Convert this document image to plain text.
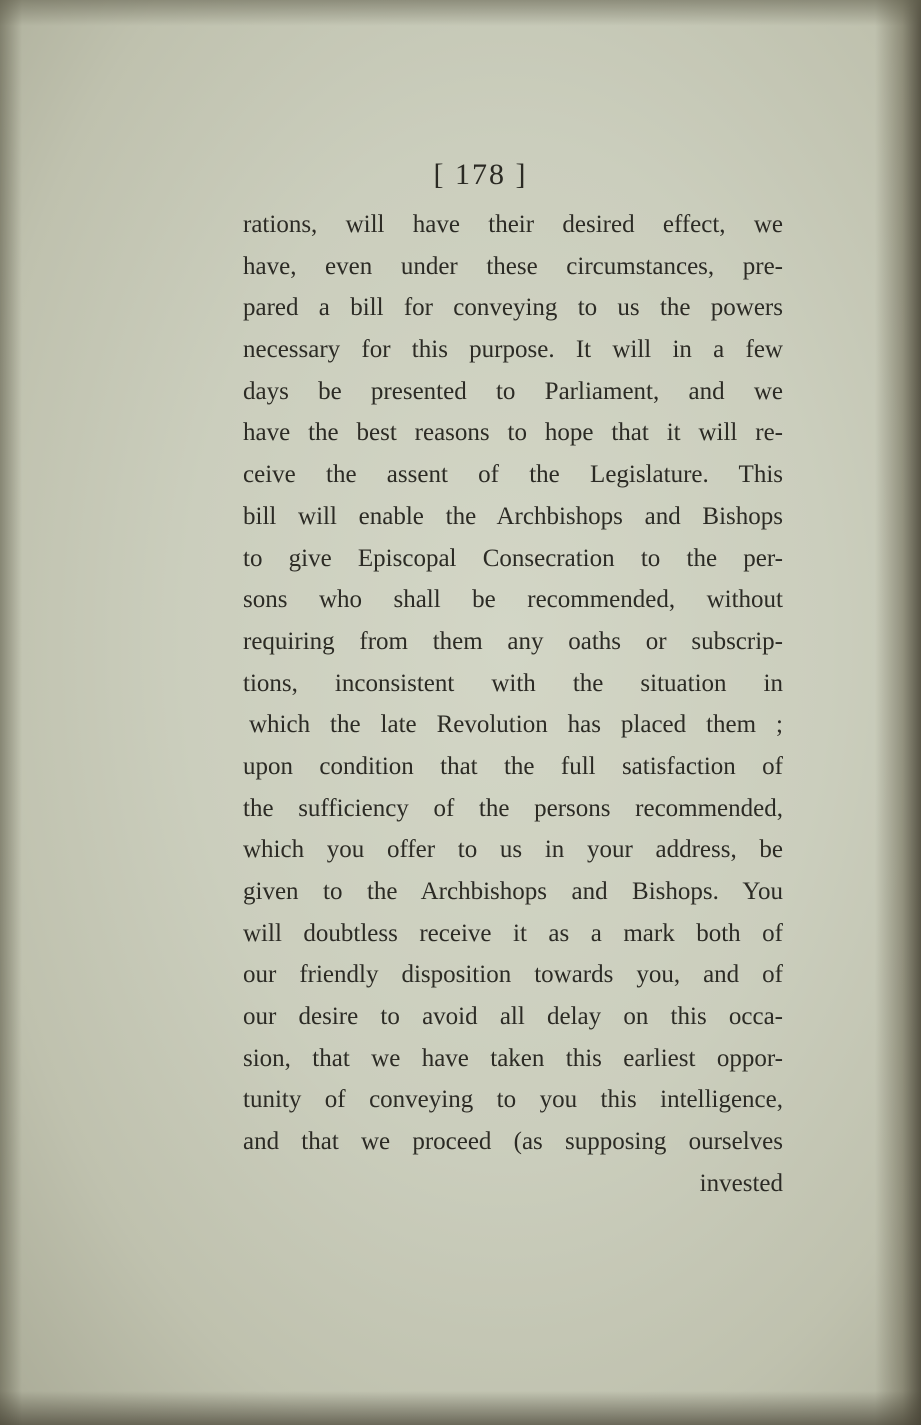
[ 178 ]
rations, will have their desired effect, we
have, even under these circumstances, pre-
pared a bill for conveying to us the powers
necessary for this purpose. It will in a few
days be presented to Parliament, and we
have the best reasons to hope that it will re-
ceive the assent of the Legislature. This
bill will enable the Archbishops and Bishops
to give Episcopal Consecration to the per-
sons who shall be recommended, without
requiring from them any oaths or subscrip-
tions, inconsistent with the situation in
which the late Revolution has placed them ;
upon condition that the full satisfaction of
the sufficiency of the persons recommended,
which you offer to us in your address, be
given to the Archbishops and Bishops. You
will doubtless receive it as a mark both of
our friendly disposition towards you, and of
our desire to avoid all delay on this occa-
sion, that we have taken this earliest oppor-
tunity of conveying to you this intelligence,
and that we proceed (as supposing ourselves
invested
